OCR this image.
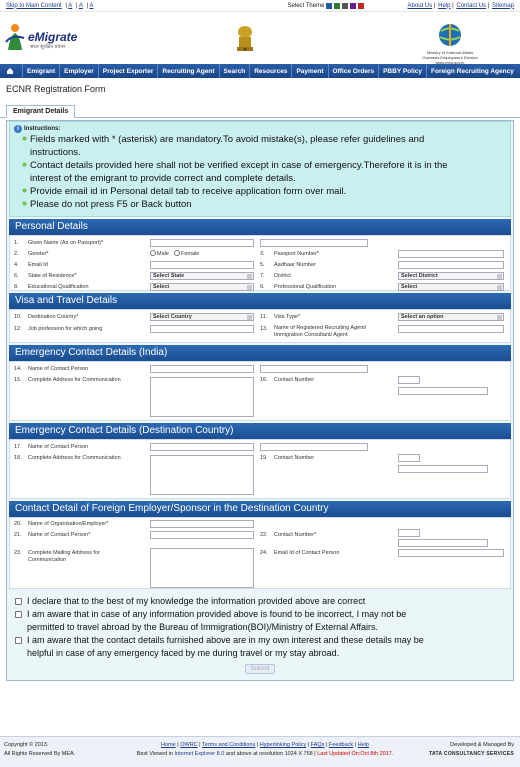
Skip to Main Content | A | A | A	Select Theme	About Us | Help | Contact Us | Sitemap
eMigrate
सरल सुरक्षित प्रवास
Ministry of External Affairs
Overseas Employment Division
www.mea.gov.in
Emigrant	Employer	Project Exporter	Recruiting Agent	Search	Resources	Payment	Office Orders	PBBY Policy	Foreign Recruiting Agency
ECNR Registration Form
Emigrant Details
i Instructions:
Fields marked with * (asterisk) are mandatory.To avoid mistake(s), please refer guidelines and
instructions.
Contact details provided here shall not be verified except in case of emergency.Therefore it is in the
interest of the emigrant to provide correct and complete details.
Provide email id in Personal detail tab to receive application form over mail.
Please do not press F5 or Back button
Personal Details
1. Given Name (As on Passport)*
2. Gender*	Male Female	3. Passport Number*
4. Email Id	5. Aadhaar Number
6. State of Residence*	Select State	7. District	Select District
8. Educational Qualification	Select	9. Professional Qualification	Select
Visa and Travel Details
10. Destination Country*	Select Country	11. Visa Type*	Select an option
12. Job profession for which going	13. Name of Registered Recruiting Agent/
Immigration Consultant/ Agent
Emergency Contact Details (India)
14. Name of Contact Person
15. Complete Address for Communication	16. Contact Number
Emergency Contact Details (Destination Country)
17. Name of Contact Person
18. Complete Address for Communication	19. Contact Number
Contact Detail of Foreign Employer/Sponsor in the Destination Country
20. Name of Organisation/Employer*
21. Name of Contact Person*	22. Contact Number*
23. Complete Mailing Address for
Communication
24. Email Id of Contact Person
I declare that to the best of my knowledge the information provided above are correct
I am aware that in case of any information provided above is found to be incorrect, I may not be
permitted to travel abroad by the Bureau of Immigration(BOI)/Ministry of External Affairs.
I am aware that the contact details furnished above are in my own interest and these details may be
helpful in case of any emergency faced by me during travel or my stay abroad.
Submit
Copyright © 2013.
All Rights Reserved By MEA.
Home | OWRC | Terms and Conditions | Hyperlinking Policy | FAQs | Feedback | Help
Best Viewed in Internet Explorer 8.0 and above at resolution 1024 X 768 | Last Updated On:Oct 8th 2017.
Developed & Managed By
TATA CONSULTANCY SERVICES
